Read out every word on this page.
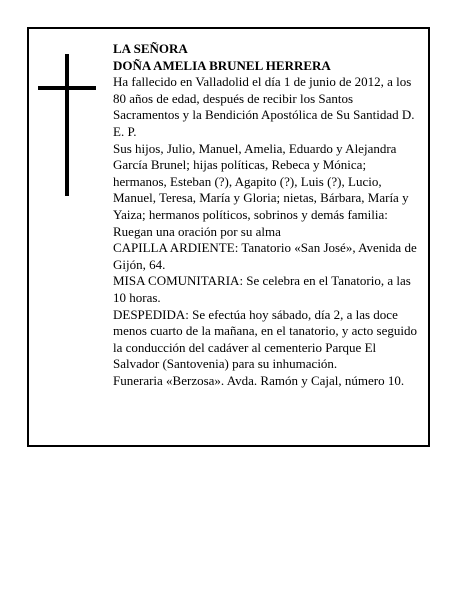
LA SEÑORA

DOÑA AMELIA BRUNEL HERRERA

Ha fallecido en Valladolid el día 1 de junio de 2012, a los 80 años de edad, después de recibir los Santos Sacramentos y la Bendición Apostólica de Su Santidad D. E. P.

Sus hijos, Julio, Manuel, Amelia, Eduardo y Alejandra García Brunel; hijas políticas, Rebeca y Mónica; hermanos, Esteban (?), Agapito (?), Luis (?), Lucio, Manuel, Teresa, María y Gloria; nietas, Bárbara, María y Yaiza; hermanos políticos, sobrinos y demás familia: Ruegan una oración por su alma

CAPILLA ARDIENTE: Tanatorio «San José», Avenida de Gijón, 64.

MISA COMUNITARIA: Se celebra en el Tanatorio, a las 10 horas.

DESPEDIDA: Se efectúa hoy sábado, día 2, a las doce menos cuarto de la mañana, en el tanatorio, y acto seguido la conducción del cadáver al cementerio Parque El Salvador (Santovenia) para su inhumación.

Funeraria «Berzosa». Avda. Ramón y Cajal, número 10.
